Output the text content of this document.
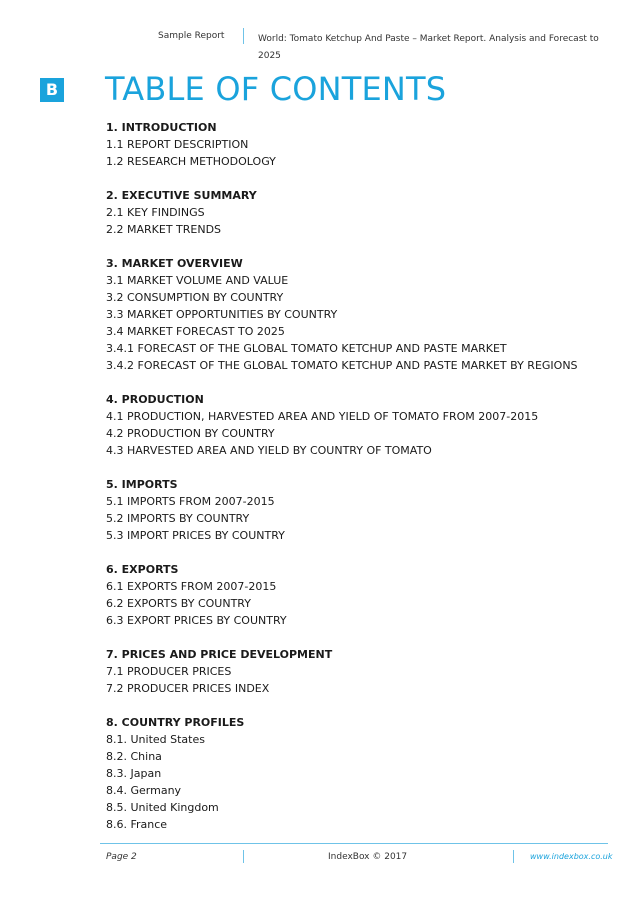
Sample Report	World: Tomato Ketchup And Paste – Market Report. Analysis and Forecast to 2025
B TABLE OF CONTENTS
1. INTRODUCTION
1.1 REPORT DESCRIPTION
1.2 RESEARCH METHODOLOGY
2. EXECUTIVE SUMMARY
2.1 KEY FINDINGS
2.2 MARKET TRENDS
3. MARKET OVERVIEW
3.1 MARKET VOLUME AND VALUE
3.2 CONSUMPTION BY COUNTRY
3.3 MARKET OPPORTUNITIES BY COUNTRY
3.4 MARKET FORECAST TO 2025
3.4.1 FORECAST OF THE GLOBAL TOMATO KETCHUP AND PASTE MARKET
3.4.2 FORECAST OF THE GLOBAL TOMATO KETCHUP AND PASTE MARKET BY REGIONS
4. PRODUCTION
4.1 PRODUCTION, HARVESTED AREA AND YIELD OF TOMATO FROM 2007-2015
4.2 PRODUCTION BY COUNTRY
4.3 HARVESTED AREA AND YIELD BY COUNTRY OF TOMATO
5. IMPORTS
5.1 IMPORTS FROM 2007-2015
5.2 IMPORTS BY COUNTRY
5.3 IMPORT PRICES BY COUNTRY
6. EXPORTS
6.1 EXPORTS FROM 2007-2015
6.2 EXPORTS BY COUNTRY
6.3 EXPORT PRICES BY COUNTRY
7. PRICES AND PRICE DEVELOPMENT
7.1 PRODUCER PRICES
7.2 PRODUCER PRICES INDEX
8. COUNTRY PROFILES
8.1. United States
8.2. China
8.3. Japan
8.4. Germany
8.5. United Kingdom
8.6. France
Page 2	IndexBox © 2017	www.indexbox.co.uk
